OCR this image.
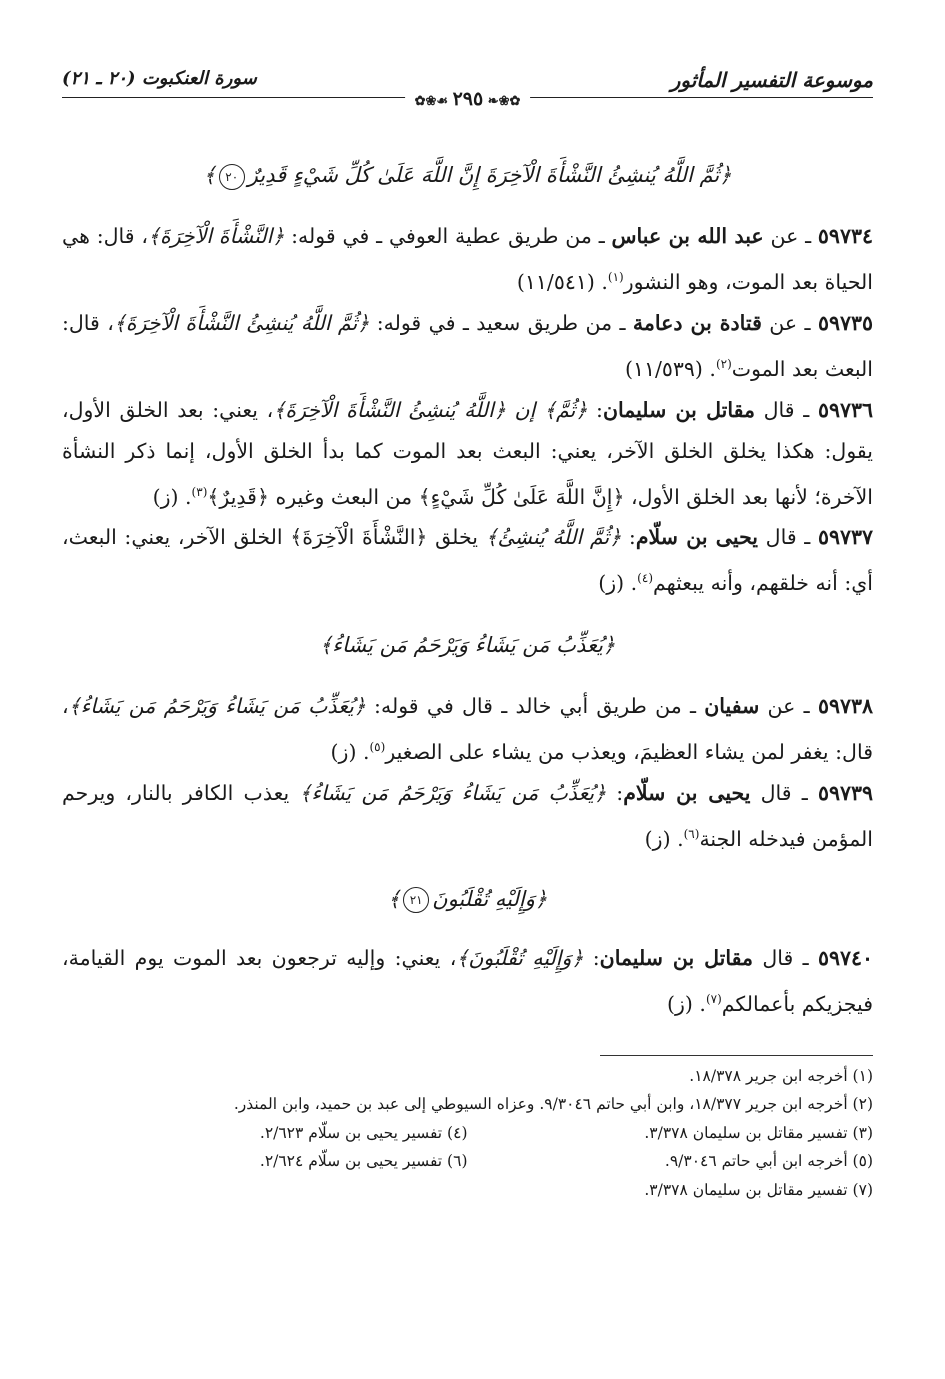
موسوعة التفسير المأثور
✿❀❧ ٢٩٥ ☙❀✿
سورة العنكبوت (٢٠ ـ ٢١)
﴿ثُمَّ اللَّهُ يُنشِئُ النَّشْأَةَ الْآخِرَةَ إِنَّ اللَّهَ عَلَىٰ كُلِّ شَيْءٍ قَدِيرٌ٢٠﴾

٥٩٧٣٤ ـ عن عبد الله بن عباس ـ من طريق عطية العوفي ـ في قوله: ﴿النَّشْأَةَ الْآخِرَةَ﴾، قال: هي الحياة بعد الموت، وهو النشور$^{(١)}$. (١١/٥٤١)

٥٩٧٣٥ ـ عن قتادة بن دعامة ـ من طريق سعيد ـ في قوله: ﴿ثُمَّ اللَّهُ يُنشِئُ النَّشْأَةَ الْآخِرَةَ﴾، قال: البعث بعد الموت$^{(٢)}$. (١١/٥٣٩)

٥٩٧٣٦ ـ قال مقاتل بن سليمان: ﴿ثُمَّ﴾ إن ﴿اللَّهُ يُنشِئُ النَّشْأَةَ الْآخِرَةَ﴾، يعني: بعد الخلق الأول، يقول: هكذا يخلق الخلق الآخر، يعني: البعث بعد الموت كما بدأ الخلق الأول، إنما ذكر النشأة الآخرة؛ لأنها بعد الخلق الأول، ﴿إِنَّ اللَّهَ عَلَىٰ كُلِّ شَيْءٍ﴾ من البعث وغيره ﴿قَدِيرٌ﴾$^{(٣)}$. (ز)

٥٩٧٣٧ ـ قال يحيى بن سلّام: ﴿ثُمَّ اللَّهُ يُنشِئُ﴾ يخلق ﴿النَّشْأَةَ الْآخِرَةَ﴾ الخلق الآخر، يعني: البعث، أي: أنه خلقهم، وأنه يبعثهم$^{(٤)}$. (ز)

﴿يُعَذِّبُ مَن يَشَاءُ وَيَرْحَمُ مَن يَشَاءُ﴾

٥٩٧٣٨ ـ عن سفيان ـ من طريق أبي خالد ـ قال في قوله: ﴿يُعَذِّبُ مَن يَشَاءُ وَيَرْحَمُ مَن يَشَاءُ﴾، قال: يغفر لمن يشاء العظيمَ، ويعذب من يشاء على الصغير$^{(٥)}$. (ز)

٥٩٧٣٩ ـ قال يحيى بن سلّام: ﴿يُعَذِّبُ مَن يَشَاءُ وَيَرْحَمُ مَن يَشَاءُ﴾ يعذب الكافر بالنار، ويرحم المؤمن فيدخله الجنة$^{(٦)}$. (ز)

﴿وَإِلَيْهِ تُقْلَبُونَ٢١﴾

٥٩٧٤٠ ـ قال مقاتل بن سليمان: ﴿وَإِلَيْهِ تُقْلَبُونَ﴾، يعني: وإليه ترجعون بعد الموت يوم القيامة، فيجزيكم بأعمالكم$^{(٧)}$. (ز)

(١) أخرجه ابن جرير ١٨/٣٧٨.

(٢) أخرجه ابن جرير ١٨/٣٧٧، وابن أبي حاتم ٩/٣٠٤٦. وعزاه السيوطي إلى عبد بن حميد، وابن المنذر.

(٣) تفسير مقاتل بن سليمان ٣/٣٧٨.
(٤) تفسير يحيى بن سلّام ٢/٦٢٣.
(٥) أخرجه ابن أبي حاتم ٩/٣٠٤٦.
(٦) تفسير يحيى بن سلّام ٢/٦٢٤.

(٧) تفسير مقاتل بن سليمان ٣/٣٧٨.
